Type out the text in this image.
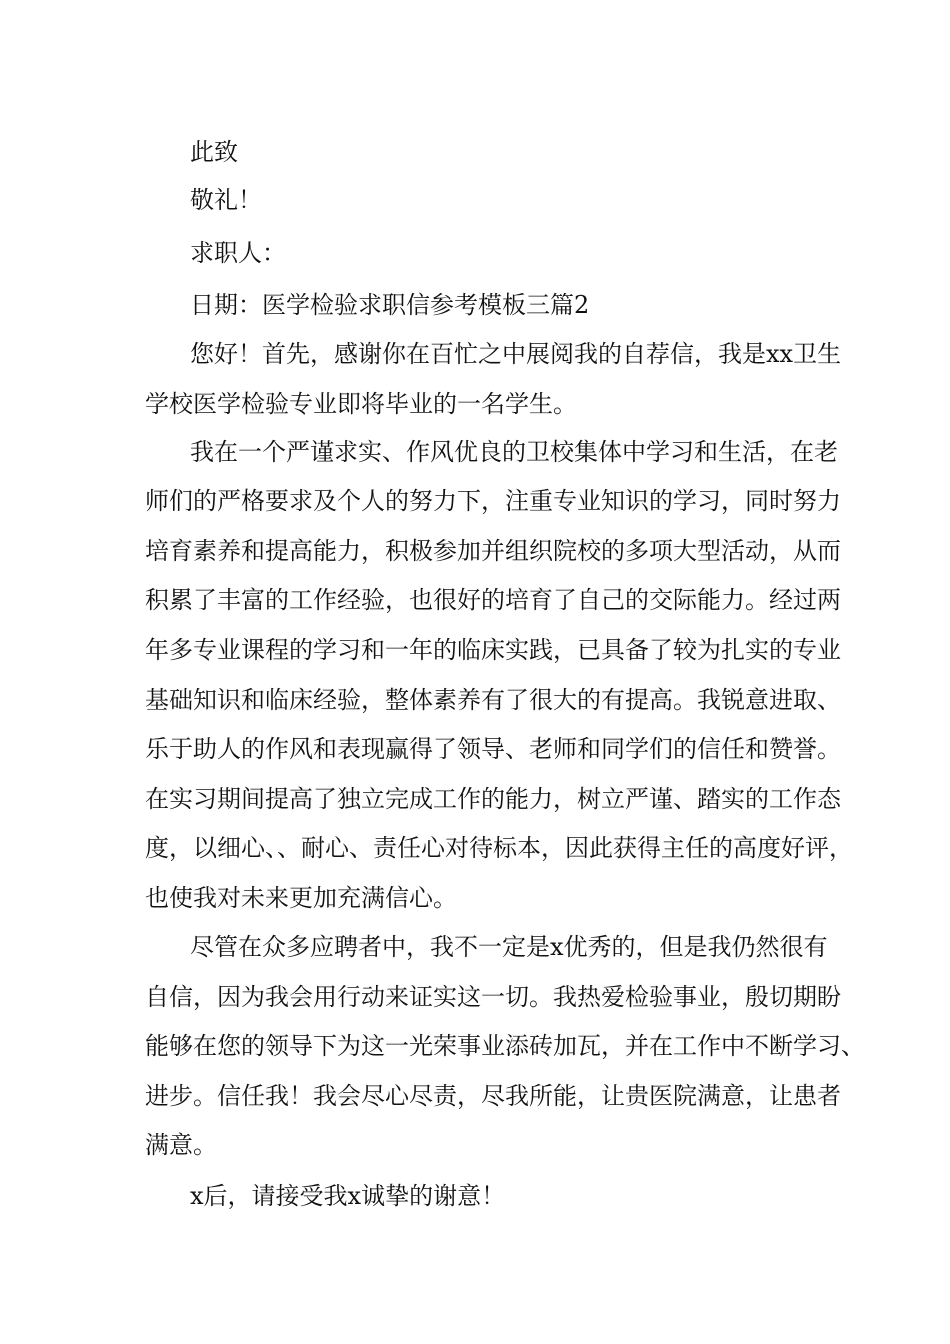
此致
敬礼！
求职人：
日期：医学检验求职信参考模板三篇2
您好！首先，感谢你在百忙之中展阅我的自荐信，我是xx卫生
学校医学检验专业即将毕业的一名学生。
我在一个严谨求实、作风优良的卫校集体中学习和生活，在老
师们的严格要求及个人的努力下，注重专业知识的学习，同时努力
培育素养和提高能力，积极参加并组织院校的多项大型活动，从而
积累了丰富的工作经验，也很好的培育了自己的交际能力。经过两
年多专业课程的学习和一年的临床实践，已具备了较为扎实的专业
基础知识和临床经验，整体素养有了很大的有提高。我锐意进取、
乐于助人的作风和表现赢得了领导、老师和同学们的信任和赞誉。
在实习期间提高了独立完成工作的能力，树立严谨、踏实的工作态
度，以细心、、耐心、责任心对待标本，因此获得主任的高度好评，
也使我对未来更加充满信心。
尽管在众多应聘者中，我不一定是x优秀的，但是我仍然很有
自信，因为我会用行动来证实这一切。我热爱检验事业，殷切期盼
能够在您的领导下为这一光荣事业添砖加瓦，并在工作中不断学习、
进步。信任我！我会尽心尽责，尽我所能，让贵医院满意，让患者
满意。
x后，请接受我x诚挚的谢意！
